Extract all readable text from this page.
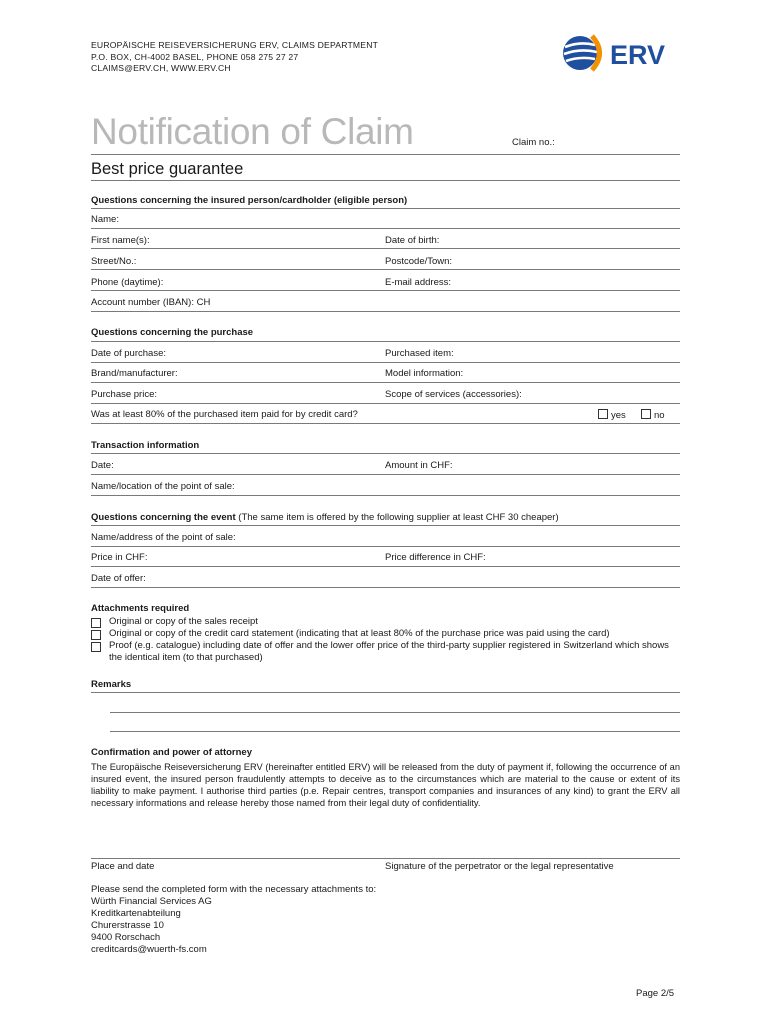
EUROPÄISCHE REISEVERSICHERUNG ERV, CLAIMS DEPARTMENT
P.O. BOX, CH-4002 BASEL, PHONE 058 275 27 27
CLAIMS@ERV.CH, WWW.ERV.CH	ERV
Notification of Claim	Claim no.:
Best price guarantee
Questions concerning the insured person/cardholder (eligible person)
Name:
First name(s):	Date of birth:
Street/No.:	Postcode/Town:
Phone (daytime):	E-mail address:
Account number (IBAN): CH
Questions concerning the purchase
Date of purchase:	Purchased item:
Brand/manufacturer:	Model information:
Purchase price:	Scope of services (accessories):
Was at least 80% of the purchased item paid for by credit card?	yes	no
Transaction information
Date:	Amount in CHF:
Name/location of the point of sale:
Questions concerning the event (The same item is offered by the following supplier at least CHF 30 cheaper)
Name/address of the point of sale:
Price in CHF:	Price difference in CHF:
Date of offer:
Attachments required
Original or copy of the sales receipt
Original or copy of the credit card statement (indicating that at least 80% of the purchase price was paid using the card)
Proof (e.g. catalogue) including date of offer and the lower offer price of the third-party supplier registered in Switzerland which shows the identical item (to that purchased)
Remarks
Confirmation and power of attorney
The Europäische Reiseversicherung ERV (hereinafter entitled ERV) will be released from the duty of payment if, following the occurrence of an insured event, the insured person fraudulently attempts to deceive as to the circumstances which are material to the cause or extent of its liability to make payment. I authorise third parties (p.e. Repair centres, transport companies and insurances of any kind) to grant the ERV all necessary informations and release hereby those named from their legal duty of confidentiality.
Place and date	Signature of the perpetrator or the legal representative
Please send the completed form with the necessary attachments to:
Würth Financial Services AG
Kreditkartenabteilung
Churerstrasse 10
9400 Rorschach
creditcards@wuerth-fs.com
Page 2/5
